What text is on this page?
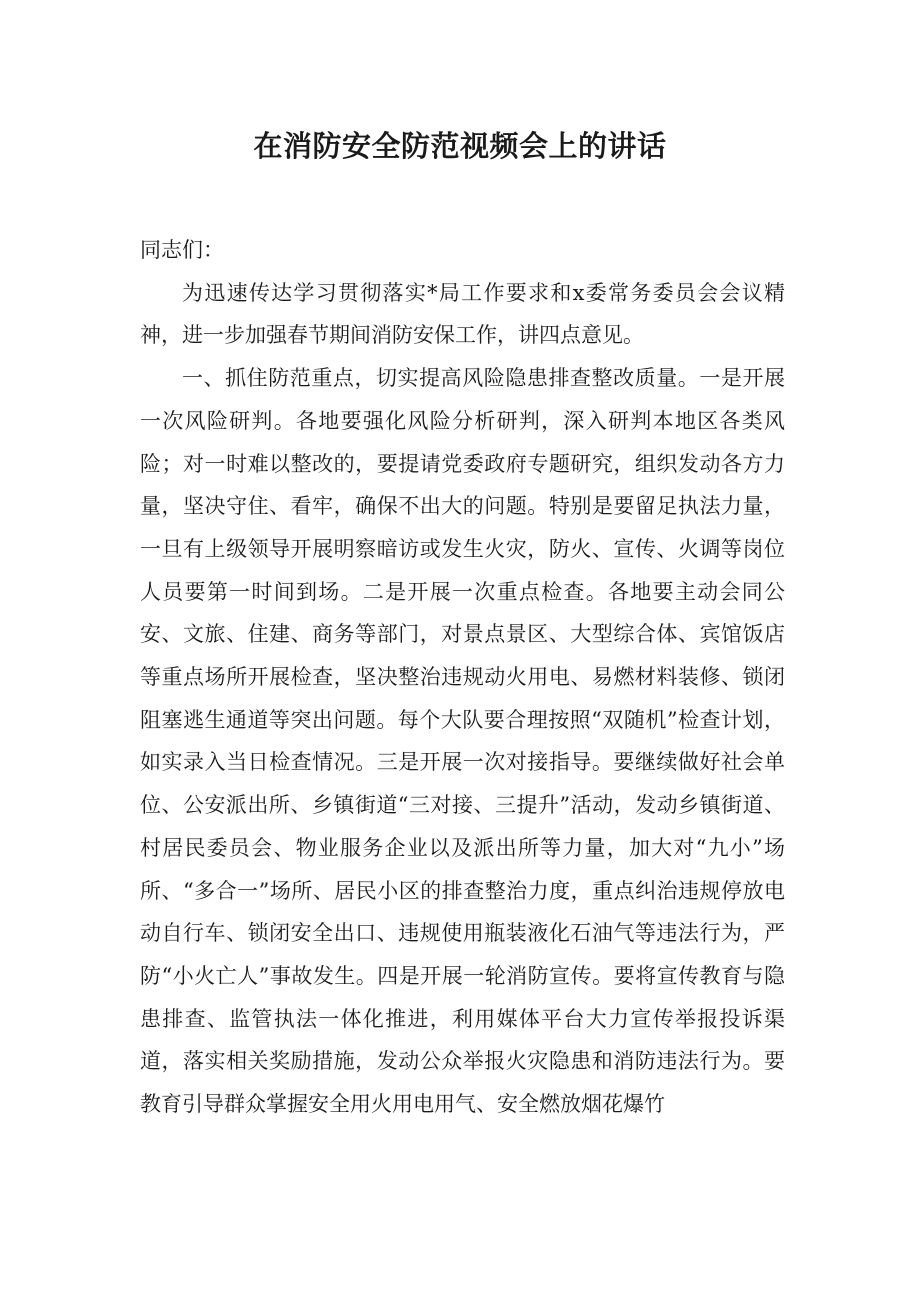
在消防安全防范视频会上的讲话

同志们：

为迅速传达学习贯彻落实*局工作要求和x委常务委员会会议精神，进一步加强春节期间消防安保工作，讲四点意见。

一、抓住防范重点，切实提高风险隐患排查整改质量。一是开展一次风险研判。各地要强化风险分析研判，深入研判本地区各类风险；对一时难以整改的，要提请党委政府专题研究，组织发动各方力量，坚决守住、看牢，确保不出大的问题。特别是要留足执法力量，一旦有上级领导开展明察暗访或发生火灾，防火、宣传、火调等岗位人员要第一时间到场。二是开展一次重点检查。各地要主动会同公安、文旅、住建、商务等部门，对景点景区、大型综合体、宾馆饭店等重点场所开展检查，坚决整治违规动火用电、易燃材料装修、锁闭阻塞逃生通道等突出问题。每个大队要合理按照“双随机”检查计划，如实录入当日检查情况。三是开展一次对接指导。要继续做好社会单位、公安派出所、乡镇街道“三对接、三提升”活动，发动乡镇街道、村居民委员会、物业服务企业以及派出所等力量，加大对“九小”场所、“多合一”场所、居民小区的排查整治力度，重点纠治违规停放电动自行车、锁闭安全出口、违规使用瓶装液化石油气等违法行为，严防“小火亡人”事故发生。四是开展一轮消防宣传。要将宣传教育与隐患排查、监管执法一体化推进，利用媒体平台大力宣传举报投诉渠道，落实相关奖励措施，发动公众举报火灾隐患和消防违法行为。要教育引导群众掌握安全用火用电用气、安全燃放烟花爆竹
